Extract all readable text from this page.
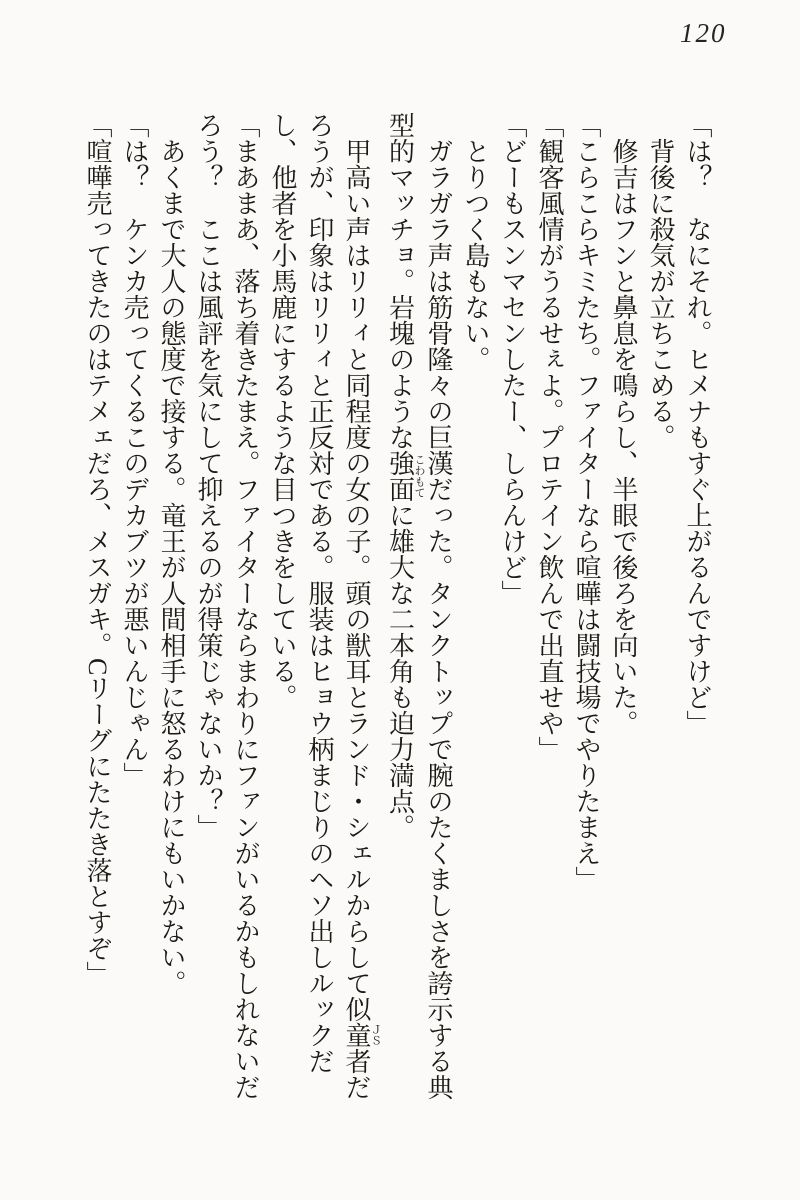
120

「は？　なにそれ。ヒメナもすぐ上がるんですけど」

背後に殺気が立ちこめる。

修吉はフンと鼻息を鳴らし、半眼で後ろを向いた。

「こらこらキミたち。ファイターなら喧嘩は闘技場でやりたまえ」

「観客風情がうるせぇよ。プロテイン飲んで出直せや」

「どーもスンマセンしたー、しらんけど」

とりつく島もない。

ガラガラ声は筋骨隆々の巨漢だった。タンクトップで腕のたくましさを誇示する典型的マッチョ。岩塊のような強面こわもてに雄大な二本角も迫力満点。

甲高い声はリリィと同程度の女の子。頭の獣耳とランド・シェルからして似童者ＪＳだろうが、印象はリリィと正反対である。服装はヒョウ柄まじりのヘソ出しルックだし、他者を小馬鹿にするような目つきをしている。

「まあまあ、落ち着きたまえ。ファイターならまわりにファンがいるかもしれないだろう？　ここは風評を気にして抑えるのが得策じゃないか？」

あくまで大人の態度で接する。竜王が人間相手に怒るわけにもいかない。

「は？　ケンカ売ってくるこのデカブツが悪いんじゃん」

「喧嘩売ってきたのはテメェだろ、メスガキ。Cリーグにたたき落とすぞ」
